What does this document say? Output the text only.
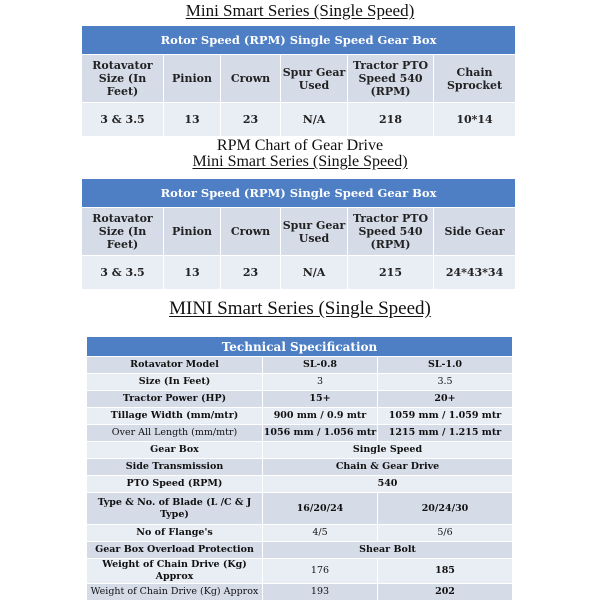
Mini Smart Series (Single Speed)
Rotor Speed (RPM) Single Speed Gear Box					
Rotavator Size (In Feet)	Pinion	Crown	Spur Gear Used	Tractor PTO Speed 540 (RPM)	Chain Sprocket
3 & 3.5	13	23	N/A	218	10*14
RPM Chart of Gear Drive
Mini Smart Series (Single Speed)
Rotor Speed (RPM) Single Speed Gear Box					
Rotavator Size (In Feet)	Pinion	Crown	Spur Gear Used	Tractor PTO Speed 540 (RPM)	Side Gear
3 & 3.5	13	23	N/A	215	24*43*34
MINI Smart Series (Single Speed)
Technical Specification		
Rotavator Model	SL-0.8	SL-1.0
Size (In Feet)	3	3.5
Tractor Power (HP)	15+	20+
Tillage Width (mm/mtr)	900 mm / 0.9 mtr	1059 mm / 1.059 mtr
Over All Length (mm/mtr)	1056 mm / 1.056 mtr	1215 mm / 1.215 mtr
Gear Box	Single Speed	
Side Transmission	Chain & Gear Drive	
PTO Speed (RPM)	540	
Type & No. of Blade (L /C & J Type)	16/20/24	20/24/30
No of Flange's	4/5	5/6
Gear Box Overload Protection	Shear Bolt	
Weight of Chain Drive (Kg) Approx	176	185
Weight of Chain Drive (Kg) Approx	193	202
